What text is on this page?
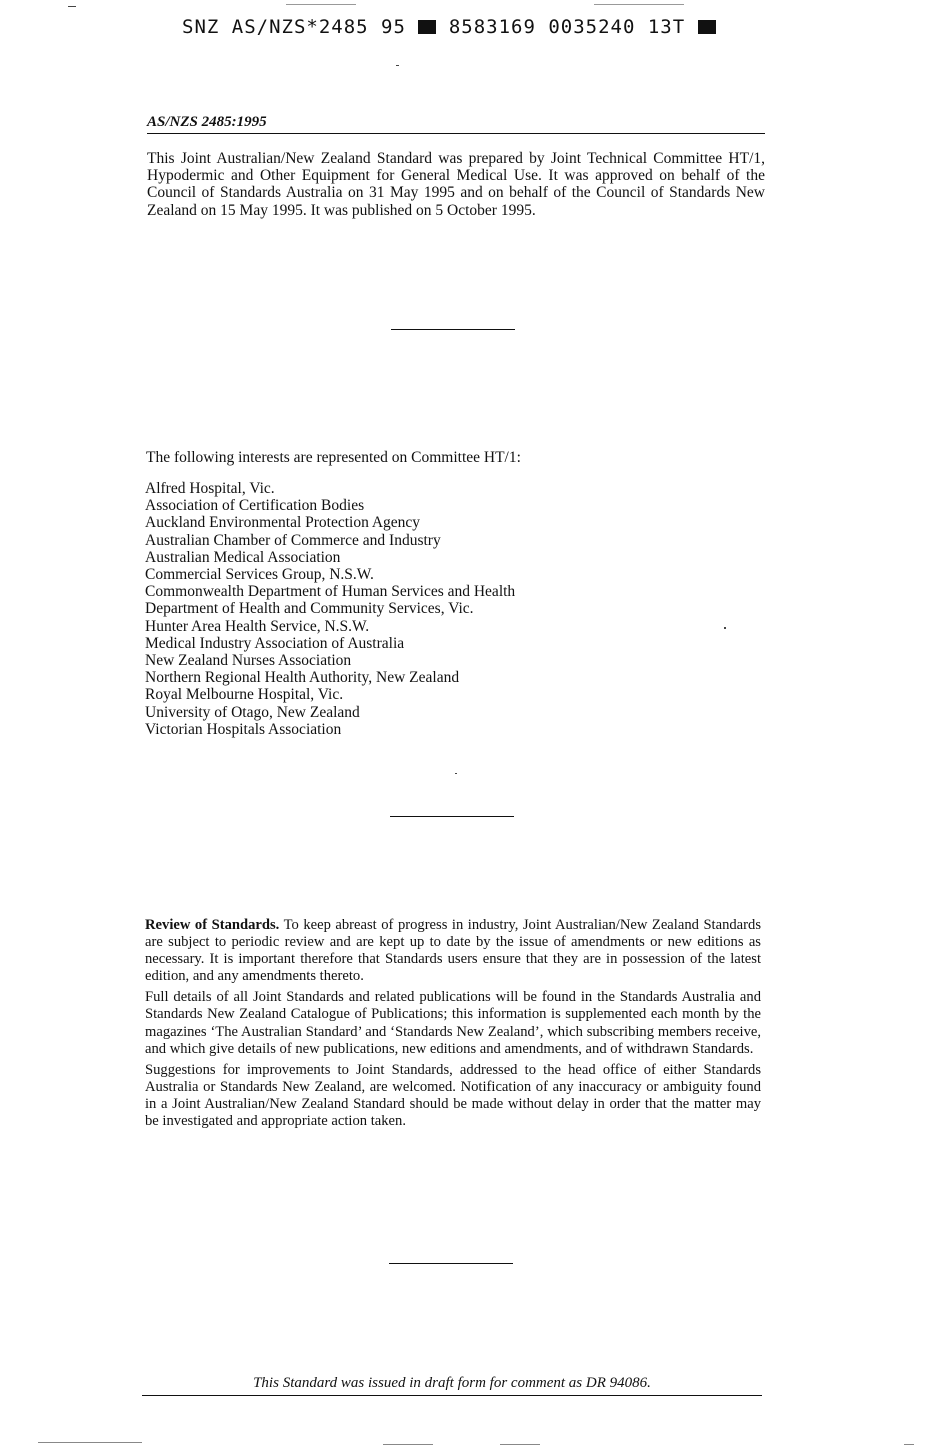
SNZ AS/NZS*2485 95 8583169 0035240 13T
AS/NZS 2485:1995
This Joint Australian/New Zealand Standard was prepared by Joint Technical Committee HT/1, Hypodermic and Other Equipment for General Medical Use. It was approved on behalf of the Council of Standards Australia on 31 May 1995 and on behalf of the Council of Standards New Zealand on 15 May 1995. It was published on 5 October 1995.
The following interests are represented on Committee HT/1:
Alfred Hospital, Vic.
Association of Certification Bodies
Auckland Environmental Protection Agency
Australian Chamber of Commerce and Industry
Australian Medical Association
Commercial Services Group, N.S.W.
Commonwealth Department of Human Services and Health
Department of Health and Community Services, Vic.
Hunter Area Health Service, N.S.W.
Medical Industry Association of Australia
New Zealand Nurses Association
Northern Regional Health Authority, New Zealand
Royal Melbourne Hospital, Vic.
University of Otago, New Zealand
Victorian Hospitals Association

Review of Standards. To keep abreast of progress in industry, Joint Australian/New Zealand Standards are subject to periodic review and are kept up to date by the issue of amendments or new editions as necessary. It is important therefore that Standards users ensure that they are in possession of the latest edition, and any amendments thereto.

Full details of all Joint Standards and related publications will be found in the Standards Australia and Standards New Zealand Catalogue of Publications; this information is supplemented each month by the magazines ‘The Australian Standard’ and ‘Standards New Zealand’, which subscribing members receive, and which give details of new publications, new editions and amendments, and of withdrawn Standards.

Suggestions for improvements to Joint Standards, addressed to the head office of either Standards Australia or Standards New Zealand, are welcomed. Notification of any inaccuracy or ambiguity found in a Joint Australian/New Zealand Standard should be made without delay in order that the matter may be investigated and appropriate action taken.

This Standard was issued in draft form for comment as DR 94086.
